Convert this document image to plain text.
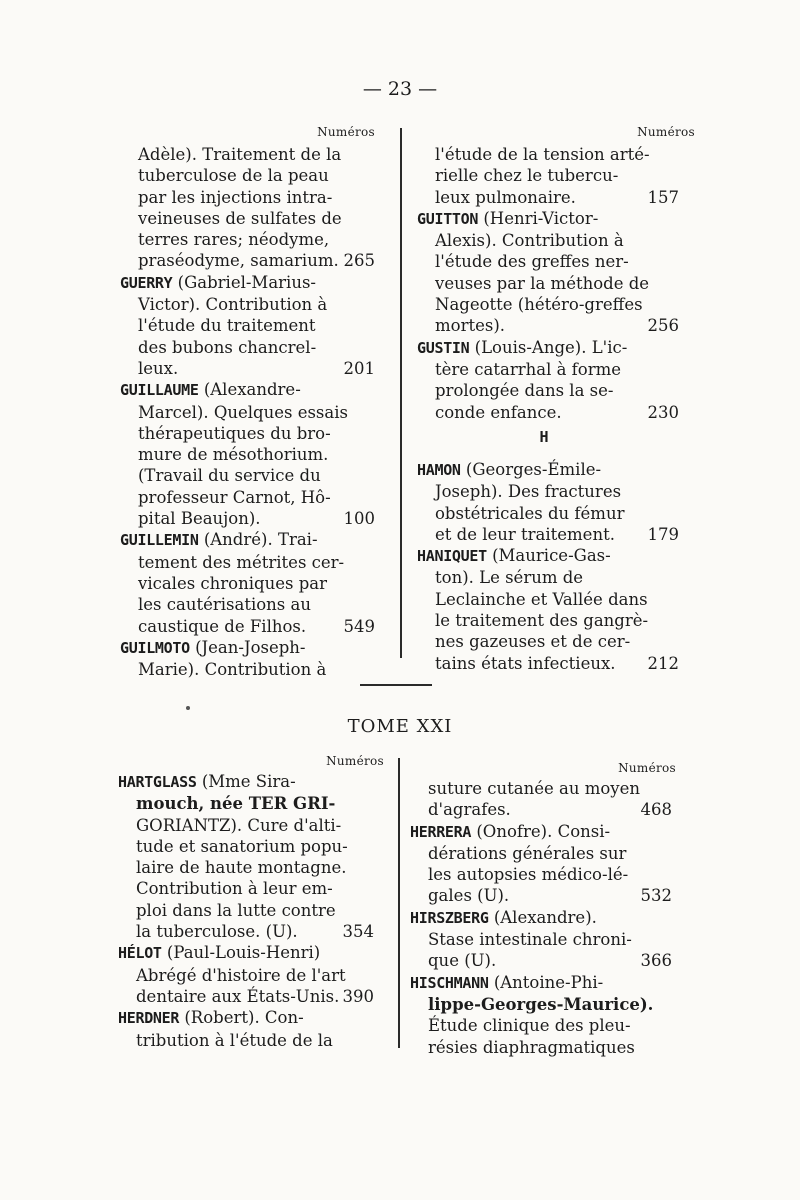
— 23 —
Numéros
Adèle). Traitement de la
tuberculose de la peau
par les injections intra-
veineuses de sulfates de
terres rares; néodyme,
praséodyme, samarium. 265
GUERRY (Gabriel-Marius-
Victor). Contribution à
l'étude du traitement
des bubons chancrel-
leux.	201
GUILLAUME (Alexandre-
Marcel). Quelques essais
thérapeutiques du bro-
mure de mésothorium.
(Travail du service du
professeur Carnot, Hô-
pital Beaujon).	100
GUILLEMIN (André). Trai-
tement des métrites cer-
vicales chroniques par
les cautérisations au
caustique de Filhos. 549
GUILMOTO (Jean-Joseph-
Marie). Contribution à
Numéros
l'étude de la tension arté-
rielle chez le tubercu-
leux pulmonaire.	157
GUITTON (Henri-Victor-
Alexis). Contribution à
l'étude des greffes ner-
veuses par la méthode de
Nageotte (hétéro-greffes
mortes).	256
GUSTIN (Louis-Ange). L'ic-
tère catarrhal à forme
prolongée dans la se-
conde enfance.	230
H
HAMON (Georges-Émile-
Joseph). Des fractures
obstétricales du fémur
et de leur traitement. 179
HANIQUET (Maurice-Gas-
ton). Le sérum de
Leclainche et Vallée dans
le traitement des gangrè-
nes gazeuses et de cer-
tains états infectieux. 212
TOME XXI
Numéros
HARTGLASS (Mme Sira-
mouch, née TER GRI-
GORIANTZ). Cure d'alti-
tude et sanatorium popu-
laire de haute montagne.
Contribution à leur em-
ploi dans la lutte contre
la tuberculose. (U).	354
HÉLOT (Paul-Louis-Henri)
Abrégé d'histoire de l'art
dentaire aux États-Unis. 390
HERDNER (Robert). Con-
tribution à l'étude de la
Numéros
suture cutanée au moyen
d'agrafes.	468
HERRERA (Onofre). Consi-
dérations générales sur
les autopsies médico-lé-
gales (U).	532
HIRSZBERG (Alexandre).
Stase intestinale chroni-
que (U).	366
HISCHMANN (Antoine-Phi-
lippe-Georges-Maurice).
Étude clinique des pleu-
résies diaphragmatiques
